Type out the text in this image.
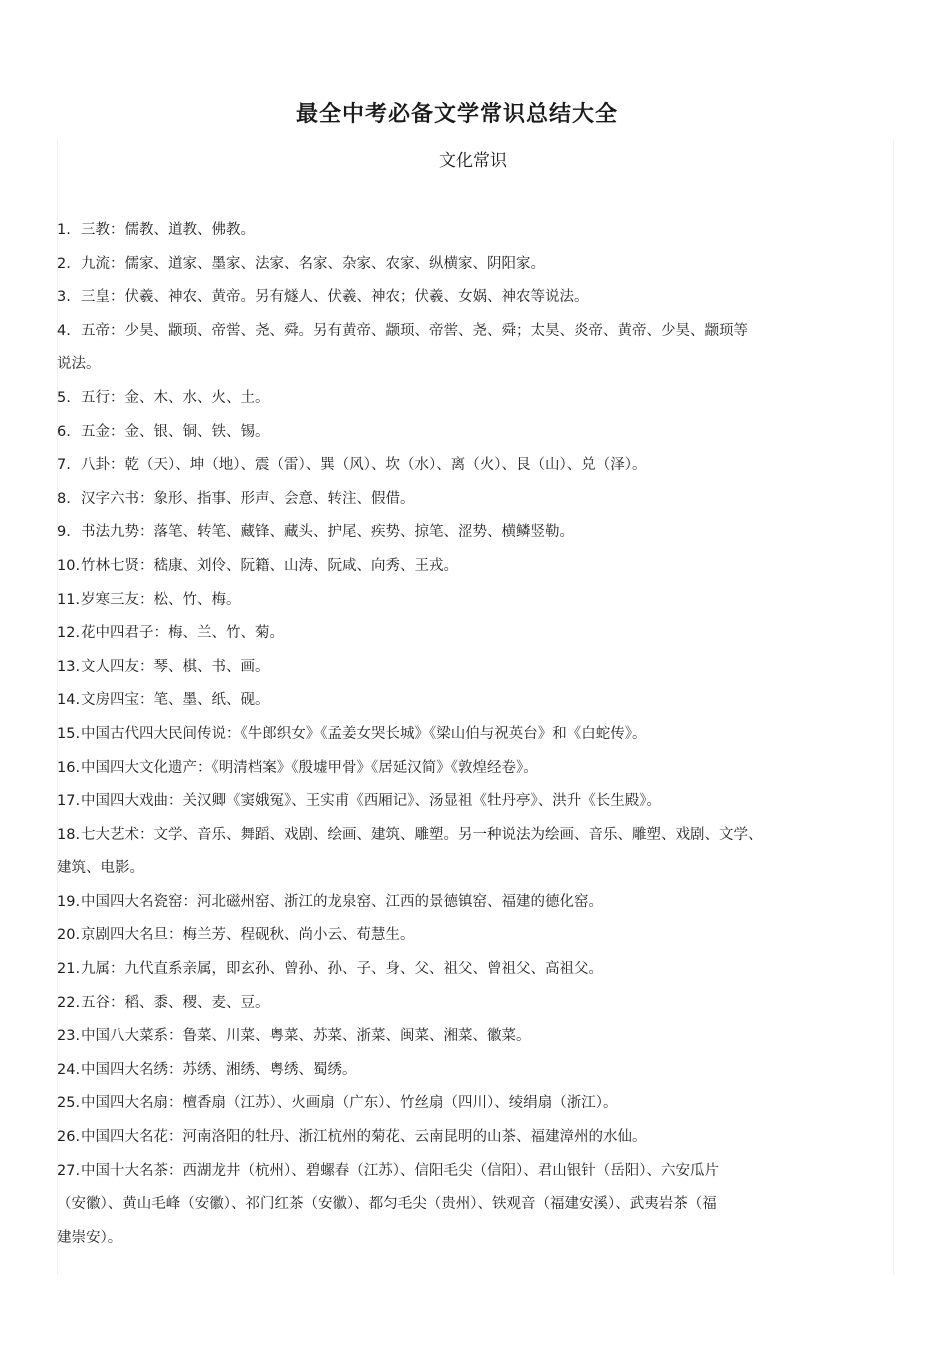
最全中考必备文学常识总结大全
文化常识
1. 三教：儒教、道教、佛教。
2. 九流：儒家、道家、墨家、法家、名家、杂家、农家、纵横家、阴阳家。
3. 三皇：伏羲、神农、黄帝。另有燧人、伏羲、神农；伏羲、女娲、神农等说法。
4. 五帝：少昊、颛顼、帝喾、尧、舜。另有黄帝、颛顼、帝喾、尧、舜；太昊、炎帝、黄帝、少昊、颛顼等
说法。
5. 五行：金、木、水、火、土。
6. 五金：金、银、铜、铁、锡。
7. 八卦：乾（天）、坤（地）、震（雷）、巽（风）、坎（水）、离（火）、艮（山）、兑（泽）。
8. 汉字六书：象形、指事、形声、会意、转注、假借。
9. 书法九势：落笔、转笔、藏锋、藏头、护尾、疾势、掠笔、涩势、横鳞竖勒。
10.竹林七贤：嵇康、刘伶、阮籍、山涛、阮咸、向秀、王戎。
11.岁寒三友：松、竹、梅。
12.花中四君子：梅、兰、竹、菊。
13.文人四友：琴、棋、书、画。
14.文房四宝：笔、墨、纸、砚。
15.中国古代四大民间传说：《牛郎织女》《孟姜女哭长城》《梁山伯与祝英台》和《白蛇传》。
16.中国四大文化遗产：《明清档案》《殷墟甲骨》《居延汉简》《敦煌经卷》。
17.中国四大戏曲：关汉卿《窦娥冤》、王实甫《西厢记》、汤显祖《牡丹亭》、洪升《长生殿》。
18.七大艺术：文学、音乐、舞蹈、戏剧、绘画、建筑、雕塑。另一种说法为绘画、音乐、雕塑、戏剧、文学、
建筑、电影。
19.中国四大名瓷窑：河北磁州窑、浙江的龙泉窑、江西的景德镇窑、福建的德化窑。
20.京剧四大名旦：梅兰芳、程砚秋、尚小云、荀慧生。
21.九属：九代直系亲属，即玄孙、曾孙、孙、子、身、父、祖父、曾祖父、高祖父。
22.五谷：稻、黍、稷、麦、豆。
23.中国八大菜系：鲁菜、川菜、粤菜、苏菜、浙菜、闽菜、湘菜、徽菜。
24.中国四大名绣：苏绣、湘绣、粤绣、蜀绣。
25.中国四大名扇：檀香扇（江苏）、火画扇（广东）、竹丝扇（四川）、绫绢扇（浙江）。
26.中国四大名花：河南洛阳的牡丹、浙江杭州的菊花、云南昆明的山茶、福建漳州的水仙。
27.中国十大名茶：西湖龙井（杭州）、碧螺春（江苏）、信阳毛尖（信阳）、君山银针（岳阳）、六安瓜片
（安徽）、黄山毛峰（安徽）、祁门红茶（安徽）、都匀毛尖（贵州）、铁观音（福建安溪）、武夷岩茶（福
建崇安）。
